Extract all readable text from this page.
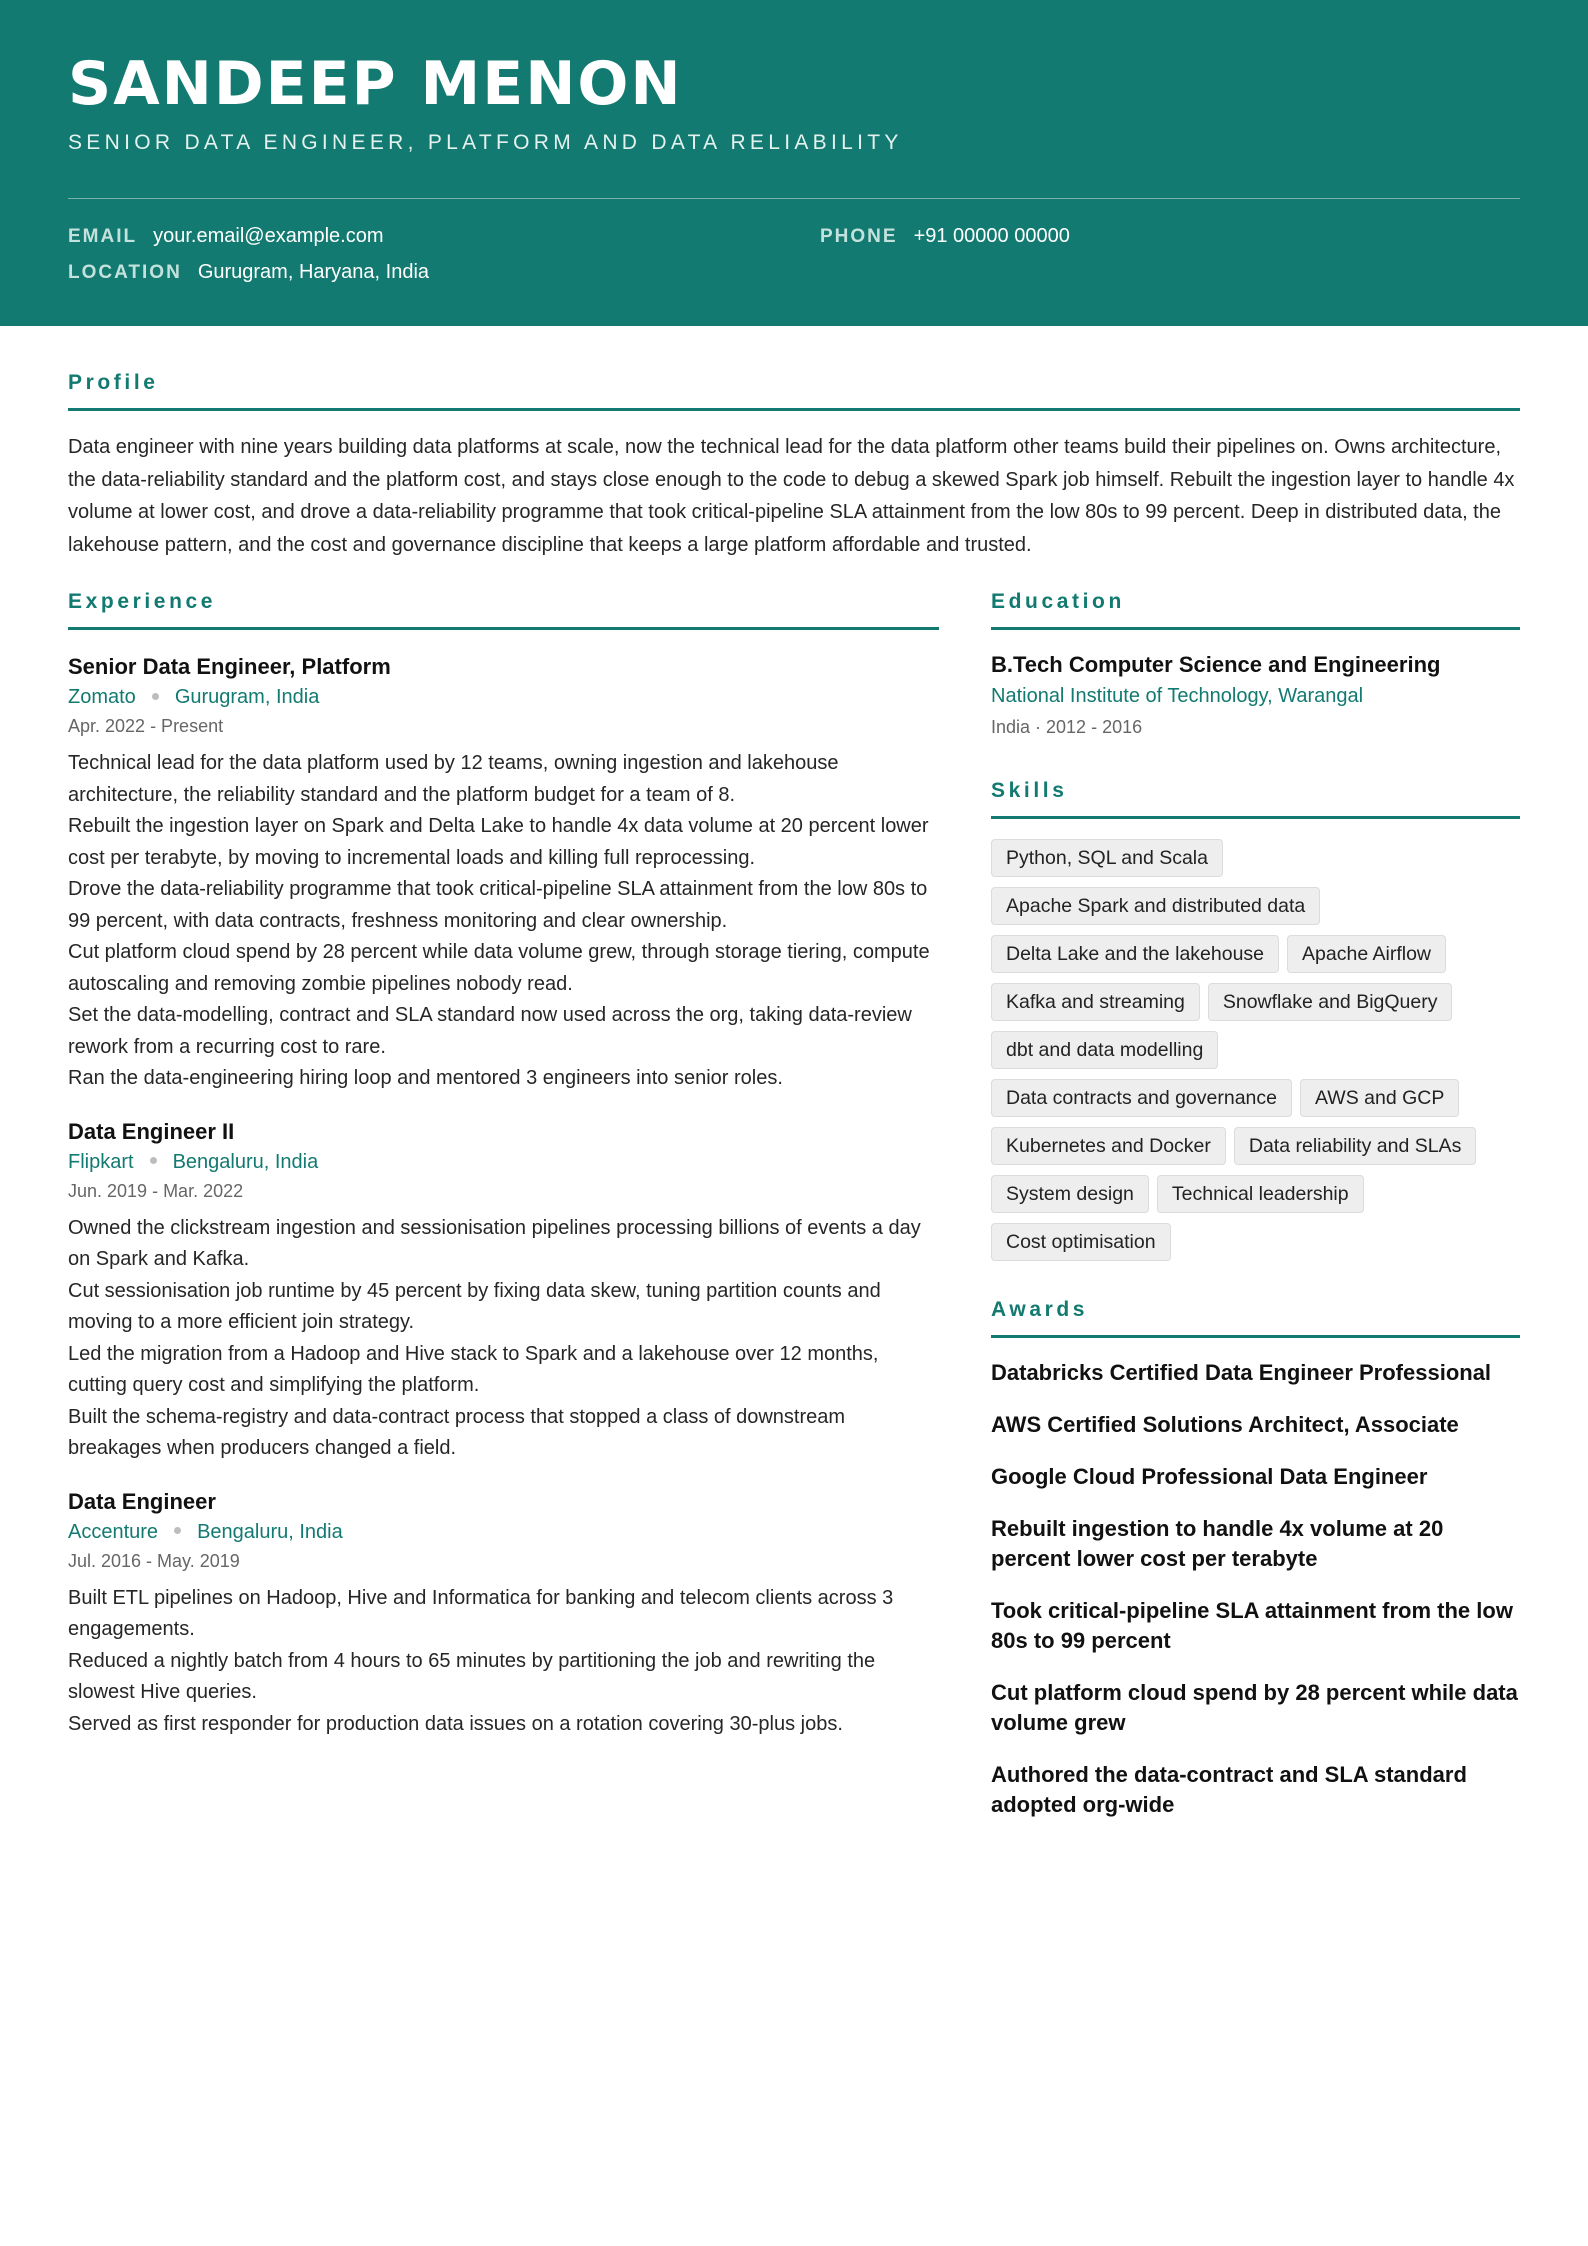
SANDEEP MENON
SENIOR DATA ENGINEER, PLATFORM AND DATA RELIABILITY
EMAIL your.email@example.com	PHONE +91 00000 00000
LOCATION Gurugram, Haryana, India
Profile

Data engineer with nine years building data platforms at scale, now the technical lead for the data platform other teams build their pipelines on. Owns architecture, the data-reliability standard and the platform cost, and stays close enough to the code to debug a skewed Spark job himself. Rebuilt the ingestion layer to handle 4x volume at lower cost, and drove a data-reliability programme that took critical-pipeline SLA attainment from the low 80s to 99 percent. Deep in distributed data, the lakehouse pattern, and the cost and governance discipline that keeps a large platform affordable and trusted.

Experience
Senior Data Engineer, Platform
Zomato Gurugram, India
Apr. 2022 - Present
Technical lead for the data platform used by 12 teams, owning ingestion and lakehouse architecture, the reliability standard and the platform budget for a team of 8.
Rebuilt the ingestion layer on Spark and Delta Lake to handle 4x data volume at 20 percent lower cost per terabyte, by moving to incremental loads and killing full reprocessing.
Drove the data-reliability programme that took critical-pipeline SLA attainment from the low 80s to 99 percent, with data contracts, freshness monitoring and clear ownership.
Cut platform cloud spend by 28 percent while data volume grew, through storage tiering, compute autoscaling and removing zombie pipelines nobody read.
Set the data-modelling, contract and SLA standard now used across the org, taking data-review rework from a recurring cost to rare.
Ran the data-engineering hiring loop and mentored 3 engineers into senior roles.
Data Engineer II
Flipkart Bengaluru, India
Jun. 2019 - Mar. 2022
Owned the clickstream ingestion and sessionisation pipelines processing billions of events a day on Spark and Kafka.
Cut sessionisation job runtime by 45 percent by fixing data skew, tuning partition counts and moving to a more efficient join strategy.
Led the migration from a Hadoop and Hive stack to Spark and a lakehouse over 12 months, cutting query cost and simplifying the platform.
Built the schema-registry and data-contract process that stopped a class of downstream breakages when producers changed a field.
Data Engineer
Accenture Bengaluru, India
Jul. 2016 - May. 2019
Built ETL pipelines on Hadoop, Hive and Informatica for banking and telecom clients across 3 engagements.
Reduced a nightly batch from 4 hours to 65 minutes by partitioning the job and rewriting the slowest Hive queries.
Served as first responder for production data issues on a rotation covering 30-plus jobs.
Education
B.Tech Computer Science and Engineering
National Institute of Technology, Warangal
India · 2012 - 2016
Skills
Python, SQL and Scala
Apache Spark and distributed data
Delta Lake and the lakehouse	Apache Airflow
Kafka and streaming	Snowflake and BigQuery
dbt and data modelling
Data contracts and governance	AWS and GCP
Kubernetes and Docker	Data reliability and SLAs
System design	Technical leadership
Cost optimisation
Awards
Databricks Certified Data Engineer Professional
AWS Certified Solutions Architect, Associate
Google Cloud Professional Data Engineer
Rebuilt ingestion to handle 4x volume at 20 percent lower cost per terabyte
Took critical-pipeline SLA attainment from the low 80s to 99 percent
Cut platform cloud spend by 28 percent while data volume grew
Authored the data-contract and SLA standard adopted org-wide
